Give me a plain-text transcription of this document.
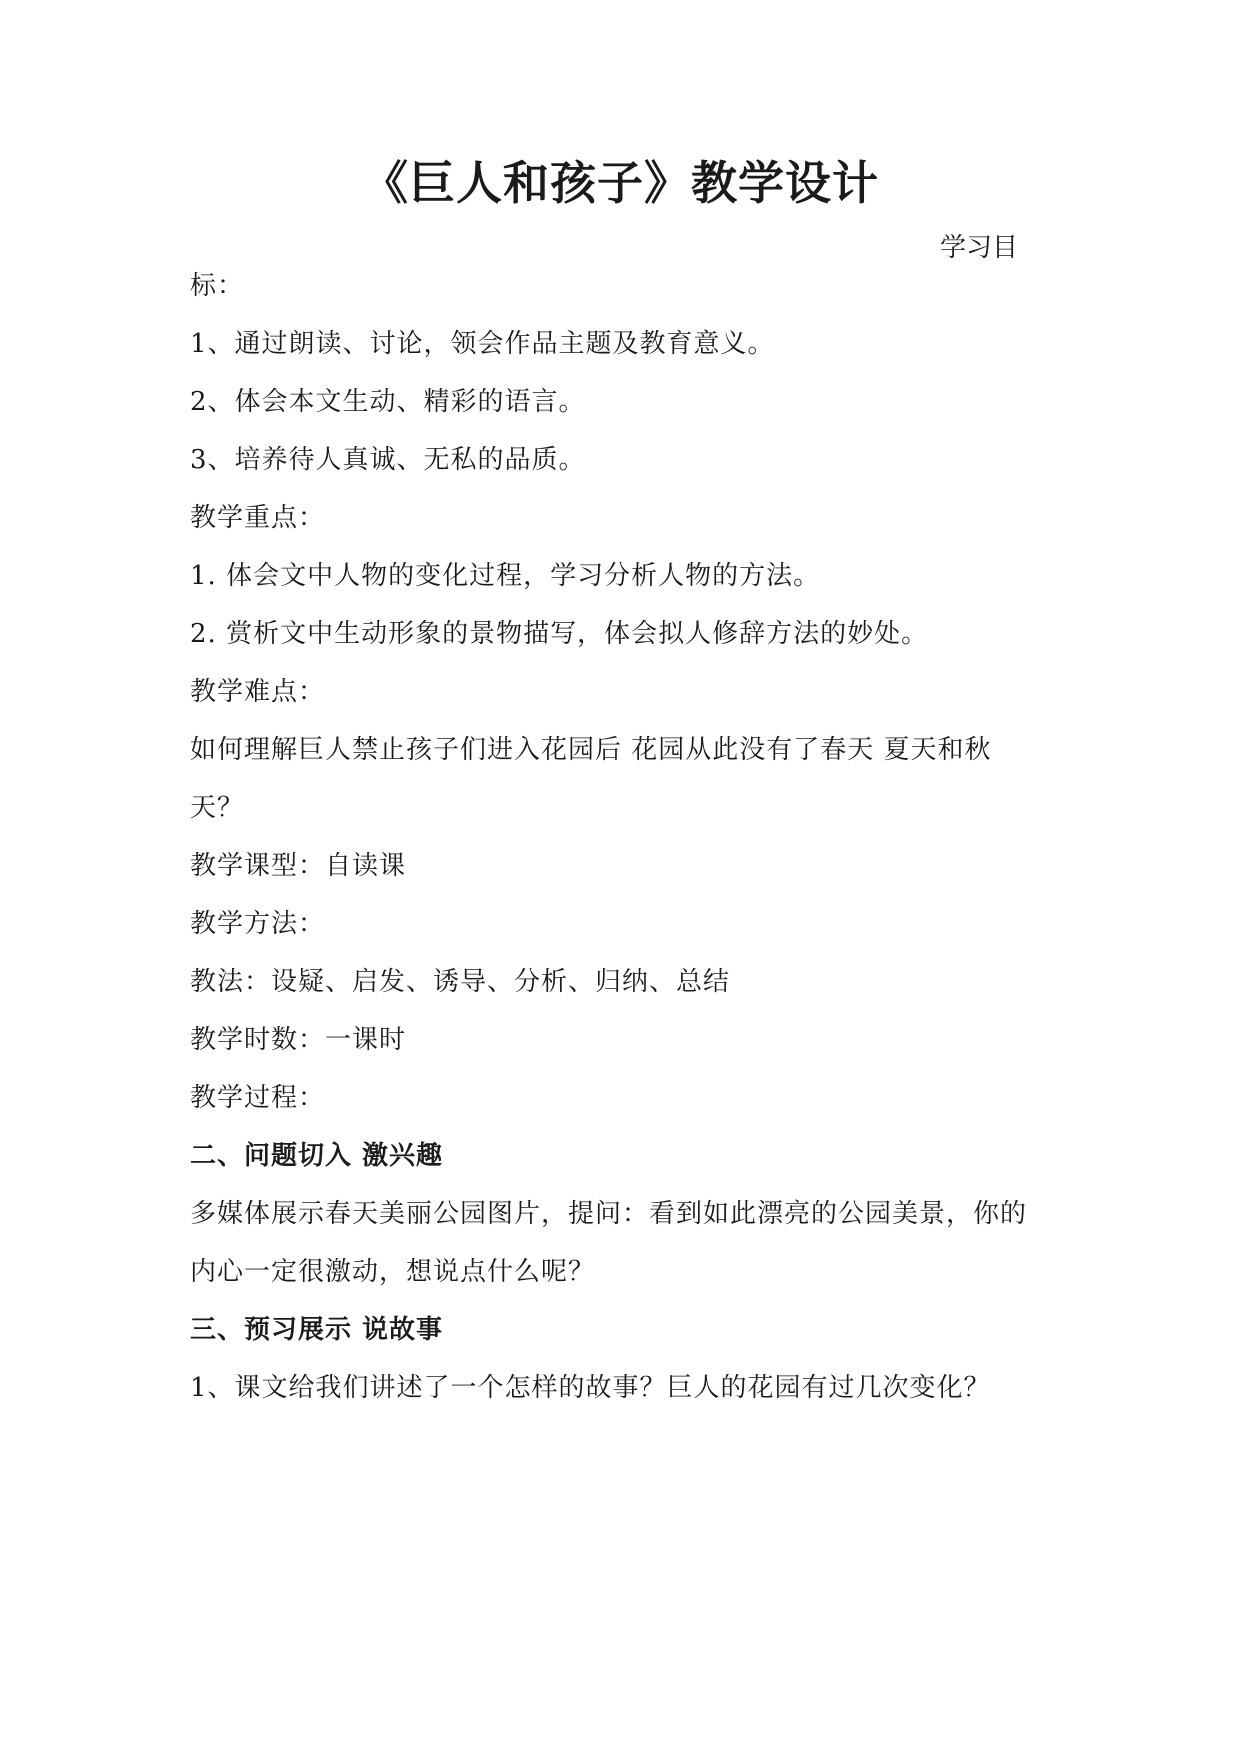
《巨人和孩子》教学设计
学习目
标：
1、通过朗读、讨论，领会作品主题及教育意义。
2、体会本文生动、精彩的语言。
3、培养待人真诚、无私的品质。
教学重点：
1. 体会文中人物的变化过程，学习分析人物的方法。
2. 赏析文中生动形象的景物描写，体会拟人修辞方法的妙处。
教学难点：
如何理解巨人禁止孩子们进入花园后 花园从此没有了春天 夏天和秋
天？
教学课型：自读课
教学方法：
教法：设疑、启发、诱导、分析、归纳、总结
教学时数：一课时
教学过程：
二、问题切入 激兴趣
多媒体展示春天美丽公园图片，提问：看到如此漂亮的公园美景，你的
内心一定很激动，想说点什么呢？
三、预习展示 说故事
1、课文给我们讲述了一个怎样的故事？巨人的花园有过几次变化？
